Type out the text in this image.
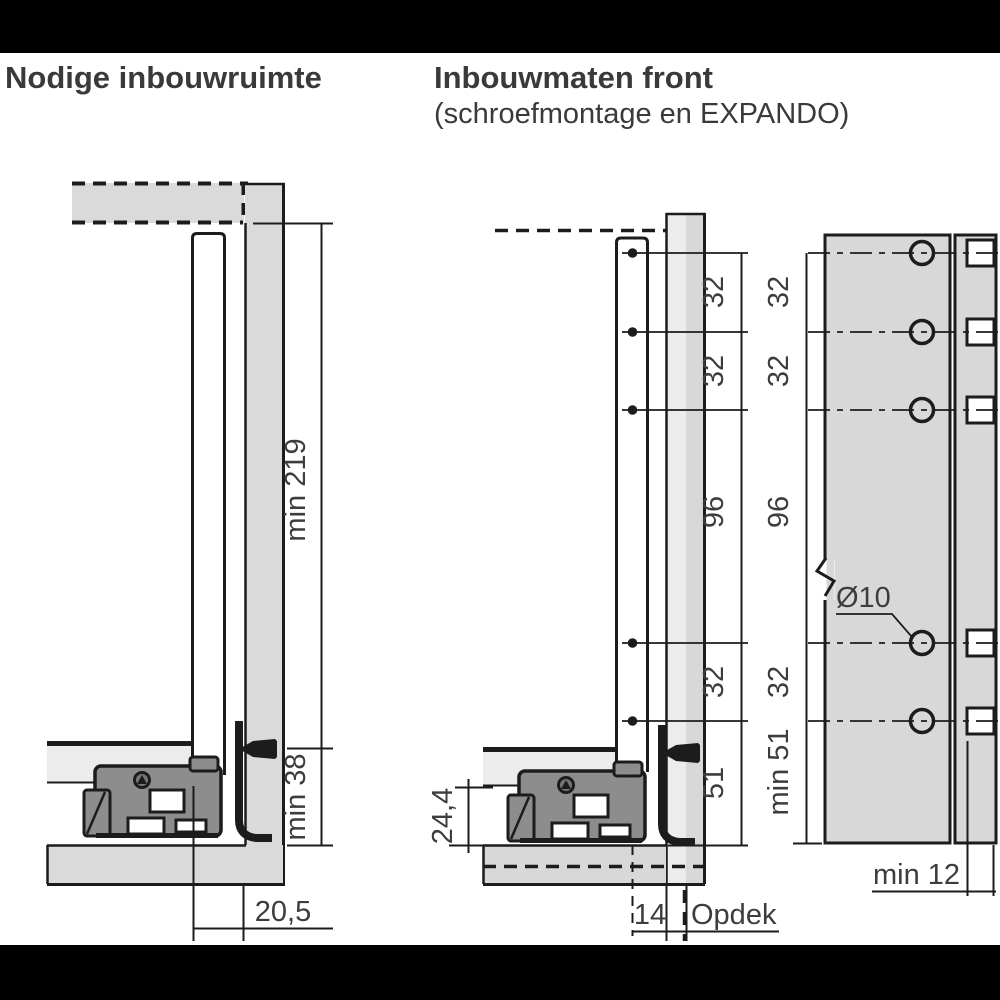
Nodige inbouwruimte	Inbouwmaten front
(schroefmontage en EXPANDO)
min 219
min 38
20,5
32
32
96
32
51
24,4
14 Opdek
Ø10
32
32
96
32
min 51
min 12
